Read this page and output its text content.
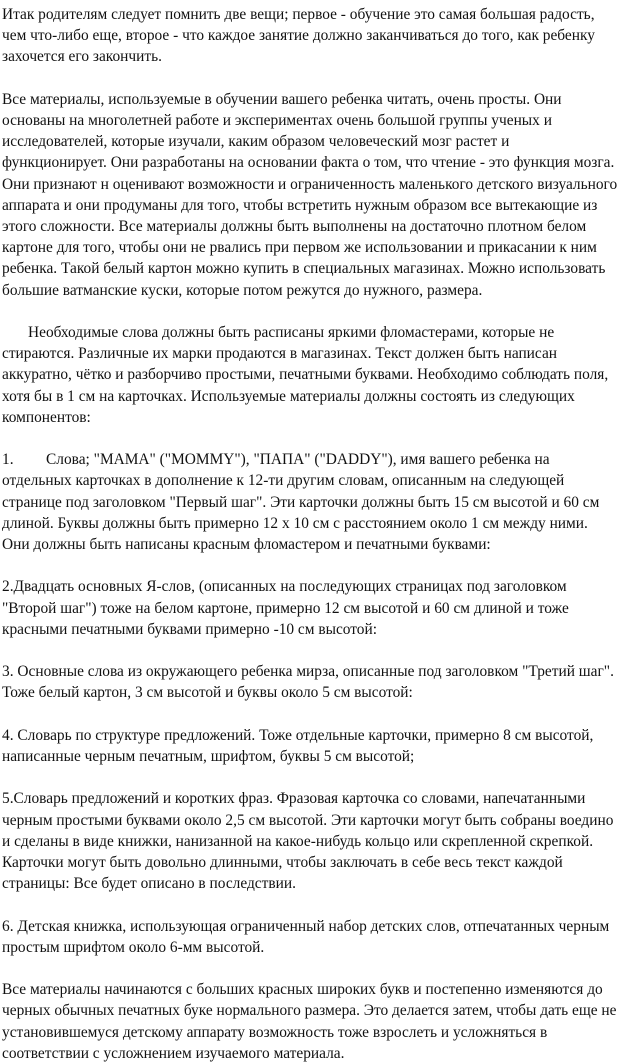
Итак родителям следует помнить две вещи; первое - обучение это самая большая радость, чем что-либо еще, второе - что каждое занятие должно заканчиваться до того, как ребенку захочется его закончить.

Все материалы, используемые в обучении вашего ребенка читать, очень просты. Они основаны на многолетней работе и экспериментах очень большой группы ученых и исследователей, которые изучали, каким образом человеческий мозг растет и функционирует. Они разработаны на основании факта о том, что чтение - это функция мозга. Они признают н оценивают возможности и ограниченность маленького детского визуального аппарата и они продуманы для того, чтобы встретить нужным образом все вытекающие из этого сложности. Все материалы должны быть выполнены на достаточно плотном белом картоне для того, чтобы они не рвались при первом же использовании и прикасании к ним ребенка. Такой белый картон можно купить в специальных магазинах. Можно использовать большие ватманские куски, которые потом режутся до нужного, размера.

Необходимые слова должны быть расписаны яркими фломастерами, которые не стираются. Различные их марки продаются в магазинах. Текст должен быть написан аккуратно, чётко и разборчиво простыми, печатными буквами. Необходимо соблюдать поля, хотя бы в 1 см на карточках. Используемые материалы должны состоять из следующих компонентов:

1. Слова; "МАМА" ("MOMMY"), "ПАПА" ("DADDY"), имя вашего ребенка на отдельных карточках в дополнение к 12-ти другим словам, описанным на следующей странице под заголовком "Первый шаг". Эти карточки должны быть 15 см высотой и 60 см длиной. Буквы должны быть примерно 12 х 10 см с расстоянием около 1 см между ними. Они должны быть написаны красным фломастером и печатными буквами:

2.Двадцать основных Я-слов, (описанных на последующих страницах под заголовком "Второй шаг") тоже на белом картоне, примерно 12 см высотой и 60 см длиной и тоже красными печатными буквами примерно -10 см высотой:

3. Основные слова из окружающего ребенка мирза, описанные под заголовком "Третий шаг". Тоже белый картон, 3 см высотой и буквы около 5 см высотой:

4. Словарь по структуре предложений. Тоже отдельные карточки, примерно 8 см высотой, написанные черным печатным, шрифтом, буквы 5 см высотой;

5.Словарь предложений и коротких фраз. Фразовая карточка со словами, напечатанными черным простыми буквами около 2,5 см высотой. Эти карточки могут быть собраны воедино и сделаны в виде книжки, нанизанной на какое-нибудь кольцо или скрепленной скрепкой. Карточки могут быть довольно длинными, чтобы заключать в себе весь текст каждой страницы: Все будет описано в последствии.

6. Детская книжка, использующая ограниченный набор детских слов, отпечатанных черным простым шрифтом около 6-мм высотой.

Все материалы начинаются с больших красных широких букв и постепенно изменяются до черных обычных печатных буке нормального размера. Это делается затем, чтобы дать еще не установившемуся детскому аппарату возможность тоже взрослеть и усложняться в соответствии с усложнением изучаемого материала.
